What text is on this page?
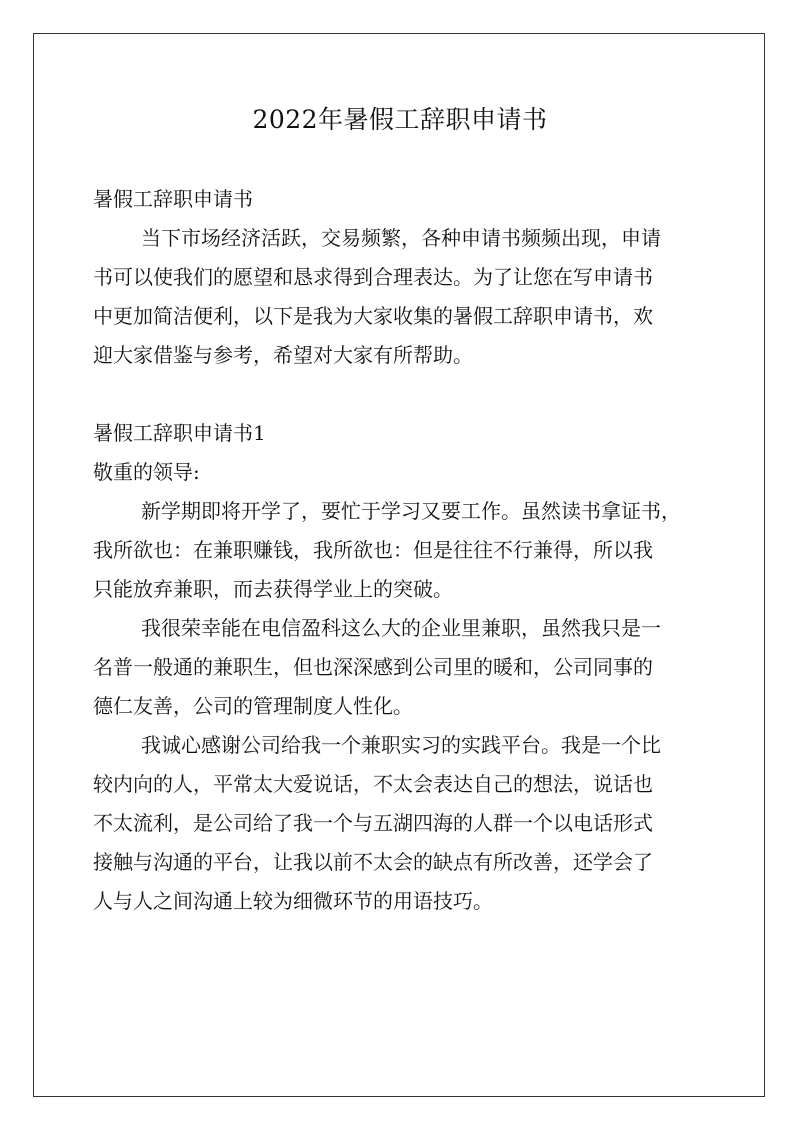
2022年暑假工辞职申请书

暑假工辞职申请书

当下市场经济活跃，交易频繁，各种申请书频频出现，申请

书可以使我们的愿望和恳求得到合理表达。为了让您在写申请书

中更加简洁便利，以下是我为大家收集的暑假工辞职申请书，欢

迎大家借鉴与参考，希望对大家有所帮助。

暑假工辞职申请书1

敬重的领导:

新学期即将开学了，要忙于学习又要工作。虽然读书拿证书，

我所欲也：在兼职赚钱，我所欲也：但是往往不行兼得，所以我

只能放弃兼职，而去获得学业上的突破。

我很荣幸能在电信盈科这么大的企业里兼职，虽然我只是一

名普一般通的兼职生，但也深深感到公司里的暖和，公司同事的

德仁友善，公司的管理制度人性化。

我诚心感谢公司给我一个兼职实习的实践平台。我是一个比

较内向的人，平常太大爱说话，不太会表达自己的想法，说话也

不太流利，是公司给了我一个与五湖四海的人群一个以电话形式

接触与沟通的平台，让我以前不太会的缺点有所改善，还学会了

人与人之间沟通上较为细微环节的用语技巧。
